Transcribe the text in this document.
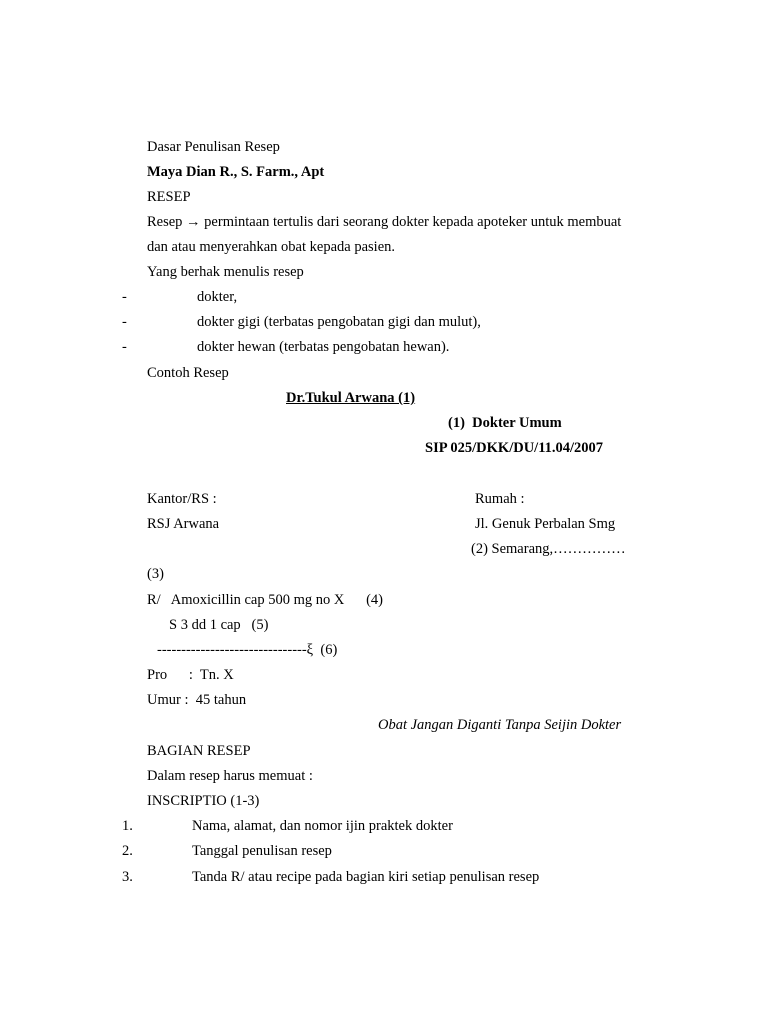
Dasar Penulisan Resep
Maya Dian R., S. Farm., Apt
RESEP
Resep → permintaan tertulis dari seorang dokter kepada apoteker untuk membuat
dan atau menyerahkan obat kepada pasien.
Yang berhak menulis resep
-	dokter,
-	dokter gigi (terbatas pengobatan gigi dan mulut),
-	dokter hewan (terbatas pengobatan hewan).
Contoh Resep
Dr.Tukul Arwana (1)
(1)  Dokter Umum
SIP 025/DKK/DU/11.04/2007
Kantor/RS :	Rumah :
RSJ Arwana	Jl. Genuk Perbalan Smg
(2) Semarang,……………
(3)
R/   Amoxicillin cap 500 mg no X      (4)
S 3 dd 1 cap   (5)
-------------------------------ξ  (6)
Pro      :  Tn. X
Umur :  45 tahun
Obat Jangan Diganti Tanpa Seijin Dokter
BAGIAN RESEP
Dalam resep harus memuat :
INSCRIPTIO (1-3)
1.	Nama, alamat, dan nomor ijin praktek dokter
2.	Tanggal penulisan resep
3.	Tanda R/ atau recipe pada bagian kiri setiap penulisan resep
